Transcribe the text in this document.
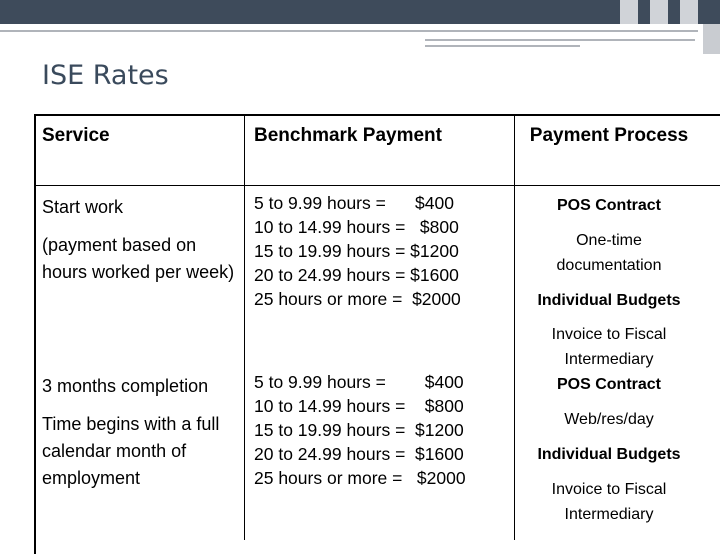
ISE Rates
Service	Benchmark Payment	Payment Process
Start work
(payment based on hours worked per week)
5 to 9.99 hours =      $400
10 to 14.99 hours =   $800
15 to 19.99 hours = $1200
20 to 24.99 hours = $1600
25 hours or more =  $2000
POS Contract
One-time documentation
Individual Budgets
Invoice to Fiscal Intermediary
3 months completion
Time begins with a full calendar month of employment
5 to 9.99 hours =        $400
10 to 14.99 hours =    $800
15 to 19.99 hours =  $1200
20 to 24.99 hours =  $1600
25 hours or more =   $2000
POS Contract
Web/res/day
Individual Budgets
Invoice to Fiscal Intermediary
